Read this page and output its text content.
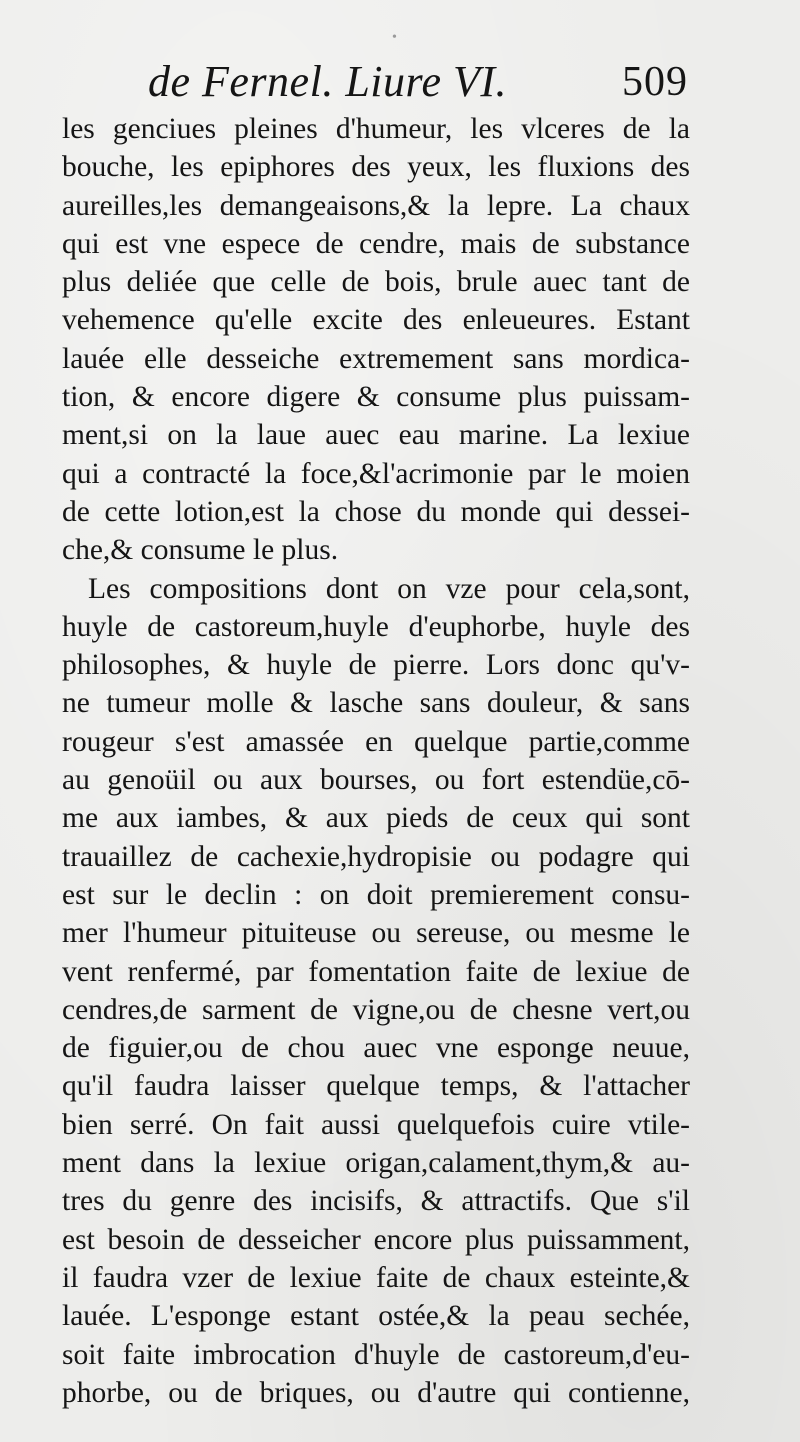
•
de Fernel. Liure VI.	509
les genciues pleines d'humeur, les vlceres de la
bouche, les epiphores des yeux, les fluxions des
aureilles,les demangeaisons,& la lepre. La chaux
qui est vne espece de cendre, mais de substance
plus deliée que celle de bois, brule auec tant de
vehemence qu'elle excite des enleueures. Estant
lauée elle desseiche extremement sans mordica-
tion, & encore digere & consume plus puissam-
ment,si on la laue auec eau marine. La lexiue
qui a contracté la foce,&l'acrimonie par le moien
de cette lotion,est la chose du monde qui dessei-
che,& consume le plus.
Les compositions dont on vze pour cela,sont,
huyle de castoreum,huyle d'euphorbe, huyle des
philosophes, & huyle de pierre. Lors donc qu'v-
ne tumeur molle & lasche sans douleur, & sans
rougeur s'est amassée en quelque partie,comme
au genoüil ou aux bourses, ou fort estendüe,cō-
me aux iambes, & aux pieds de ceux qui sont
trauaillez de cachexie,hydropisie ou podagre qui
est sur le declin : on doit premierement consu-
mer l'humeur pituiteuse ou sereuse, ou mesme le
vent renfermé, par fomentation faite de lexiue de
cendres,de sarment de vigne,ou de chesne vert,ou
de figuier,ou de chou auec vne esponge neuue,
qu'il faudra laisser quelque temps, & l'attacher
bien serré. On fait aussi quelquefois cuire vtile-
ment dans la lexiue origan,calament,thym,& au-
tres du genre des incisifs, & attractifs. Que s'il
est besoin de desseicher encore plus puissamment,
il faudra vzer de lexiue faite de chaux esteinte,&
lauée. L'esponge estant ostée,& la peau sechée,
soit faite imbrocation d'huyle de castoreum,d'eu-
phorbe, ou de briques, ou d'autre qui contienne,
